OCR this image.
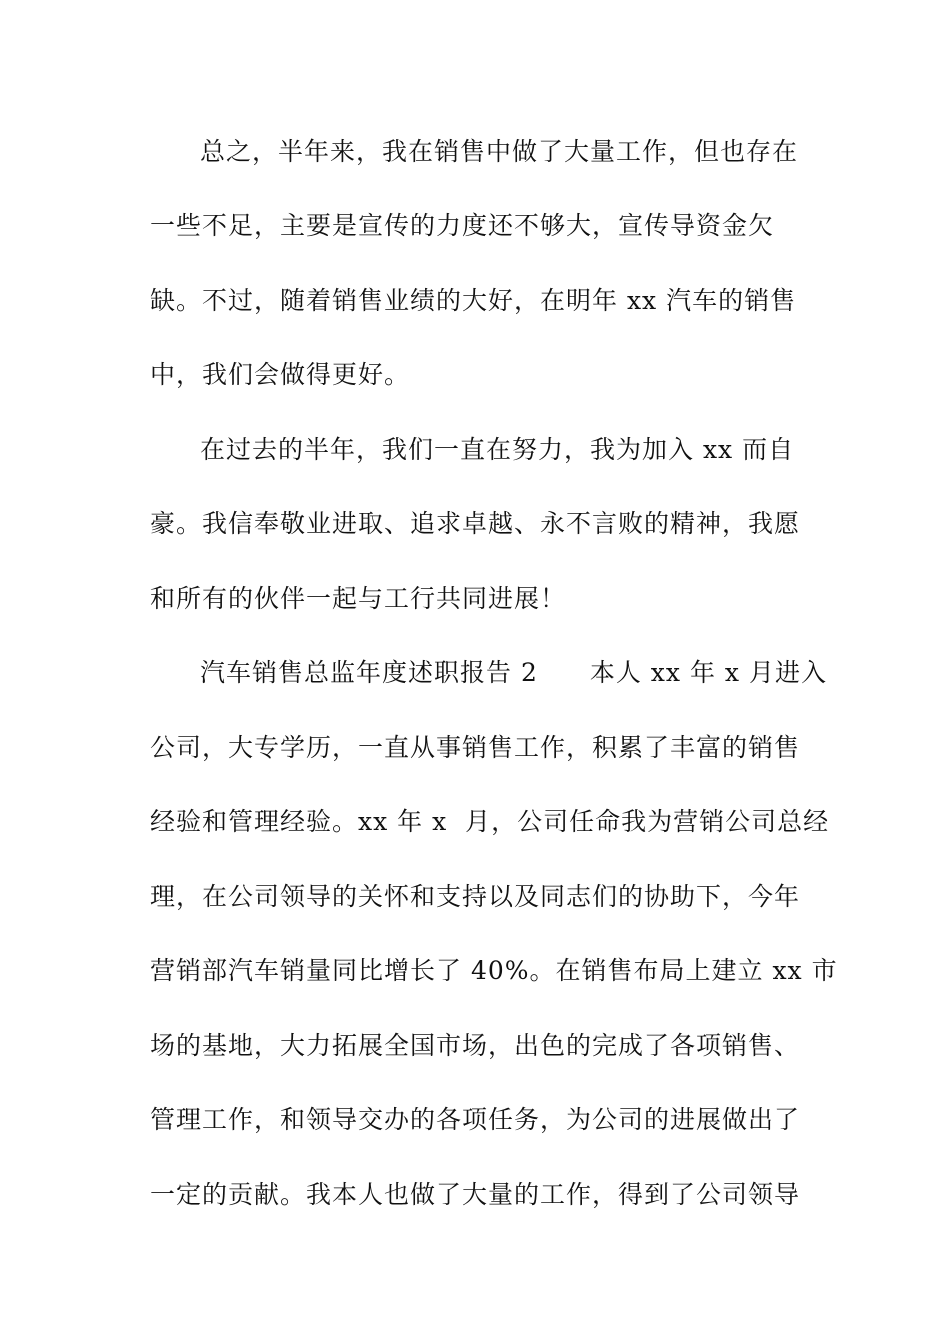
总之，半年来，我在销售中做了大量工作，但也存在
一些不足，主要是宣传的力度还不够大，宣传导资金欠
缺。不过，随着销售业绩的大好，在明年 xx 汽车的销售
中，我们会做得更好。
在过去的半年，我们一直在努力，我为加入 xx 而自
豪。我信奉敬业进取、追求卓越、永不言败的精神，我愿
和所有的伙伴一起与工行共同进展！
汽车销售总监年度述职报告 2　　本人 xx 年 x 月进入
公司，大专学历，一直从事销售工作，积累了丰富的销售
经验和管理经验。xx 年 x  月，公司任命我为营销公司总经
理，在公司领导的关怀和支持以及同志们的协助下，今年
营销部汽车销量同比增长了 40%。在销售布局上建立 xx 市
场的基地，大力拓展全国市场，出色的完成了各项销售、
管理工作，和领导交办的各项任务，为公司的进展做出了
一定的贡献。我本人也做了大量的工作，得到了公司领导
